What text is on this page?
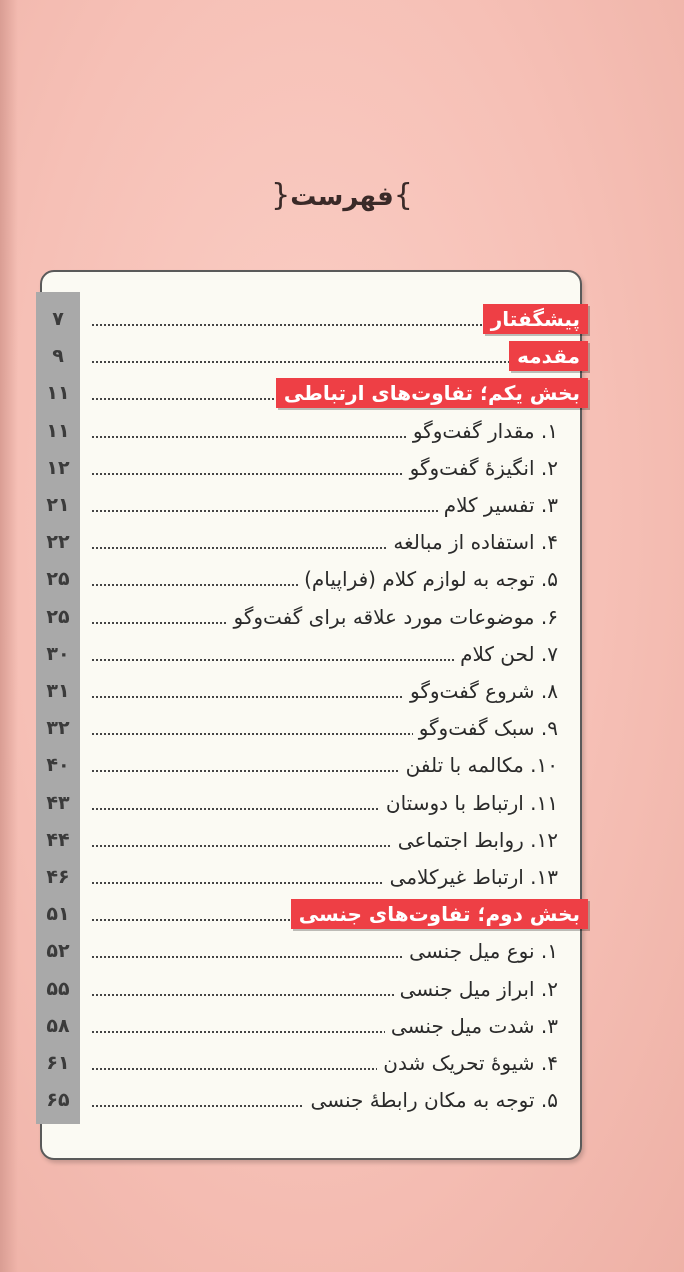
}فهرست{
۷	پیشگفتار
۹	مقدمه
۱۱	بخش یکم؛ تفاوت‌های ارتباطی
۱۱	۱. مقدار گفت‌وگو
۱۲	۲. انگیزهٔ گفت‌وگو
۲۱	۳. تفسیر کلام
۲۲	۴. استفاده از مبالغه
۲۵	۵. توجه به لوازم کلام (فراپیام)
۲۵	۶. موضوعات مورد علاقه برای گفت‌وگو
۳۰	۷. لحن کلام
۳۱	۸. شروع گفت‌وگو
۳۲	۹. سبک گفت‌وگو
۴۰	۱۰. مکالمه با تلفن
۴۳	۱۱. ارتباط با دوستان
۴۴	۱۲. روابط اجتماعی
۴۶	۱۳. ارتباط غیرکلامی
۵۱	بخش دوم؛ تفاوت‌های جنسی
۵۲	۱. نوع میل جنسی
۵۵	۲. ابراز میل جنسی
۵۸	۳. شدت میل جنسی
۶۱	۴. شیوهٔ تحریک شدن
۶۵	۵. توجه به مکان رابطهٔ جنسی
